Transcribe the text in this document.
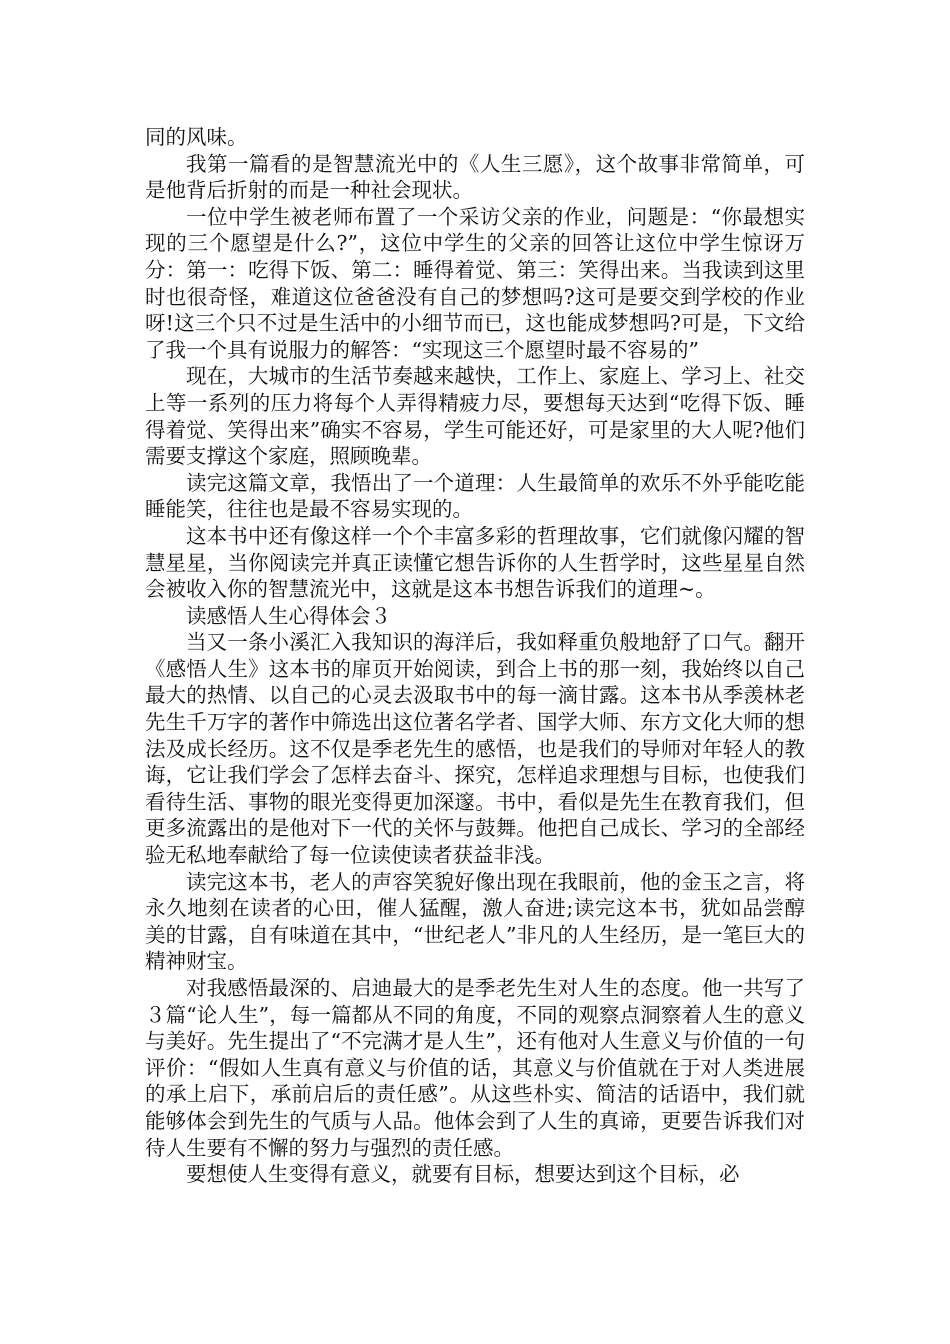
同的风味。

我第一篇看的是智慧流光中的《人生三愿》，这个故事非常简单，可是他背后折射的而是一种社会现状。

一位中学生被老师布置了一个采访父亲的作业，问题是：“你最想实现的三个愿望是什么?”，这位中学生的父亲的回答让这位中学生惊讶万分：第一：吃得下饭、第二：睡得着觉、第三：笑得出来。当我读到这里时也很奇怪，难道这位爸爸没有自己的梦想吗?这可是要交到学校的作业呀!这三个只不过是生活中的小细节而已，这也能成梦想吗?可是，下文给了我一个具有说服力的解答：“实现这三个愿望时最不容易的”

现在，大城市的生活节奏越来越快，工作上、家庭上、学习上、社交上等一系列的压力将每个人弄得精疲力尽，要想每天达到“吃得下饭、睡得着觉、笑得出来”确实不容易，学生可能还好，可是家里的大人呢?他们需要支撑这个家庭，照顾晚辈。

读完这篇文章，我悟出了一个道理：人生最简单的欢乐不外乎能吃能睡能笑，往往也是最不容易实现的。

这本书中还有像这样一个个丰富多彩的哲理故事，它们就像闪耀的智慧星星，当你阅读完并真正读懂它想告诉你的人生哲学时，这些星星自然会被收入你的智慧流光中，这就是这本书想告诉我们的道理~。

读感悟人生心得体会３

当又一条小溪汇入我知识的海洋后，我如释重负般地舒了口气。翻开《感悟人生》这本书的扉页开始阅读，到合上书的那一刻，我始终以自己最大的热情、以自己的心灵去汲取书中的每一滴甘露。这本书从季羡林老先生千万字的著作中筛选出这位著名学者、国学大师、东方文化大师的想法及成长经历。这不仅是季老先生的感悟，也是我们的导师对年轻人的教诲，它让我们学会了怎样去奋斗、探究，怎样追求理想与目标，也使我们看待生活、事物的眼光变得更加深邃。书中，看似是先生在教育我们，但更多流露出的是他对下一代的关怀与鼓舞。他把自己成长、学习的全部经验无私地奉献给了每一位读使读者获益非浅。

读完这本书，老人的声容笑貌好像出现在我眼前，他的金玉之言，将永久地刻在读者的心田，催人猛醒，激人奋进;读完这本书，犹如品尝醇美的甘露，自有味道在其中，“世纪老人”非凡的人生经历，是一笔巨大的精神财宝。

对我感悟最深的、启迪最大的是季老先生对人生的态度。他一共写了３篇“论人生”，每一篇都从不同的角度，不同的观察点洞察着人生的意义与美好。先生提出了“不完满才是人生”，还有他对人生意义与价值的一句评价：“假如人生真有意义与价值的话，其意义与价值就在于对人类进展的承上启下，承前启后的责任感”。从这些朴实、简洁的话语中，我们就能够体会到先生的气质与人品。他体会到了人生的真谛，更要告诉我们对待人生要有不懈的努力与强烈的责任感。

要想使人生变得有意义，就要有目标，想要达到这个目标，必
